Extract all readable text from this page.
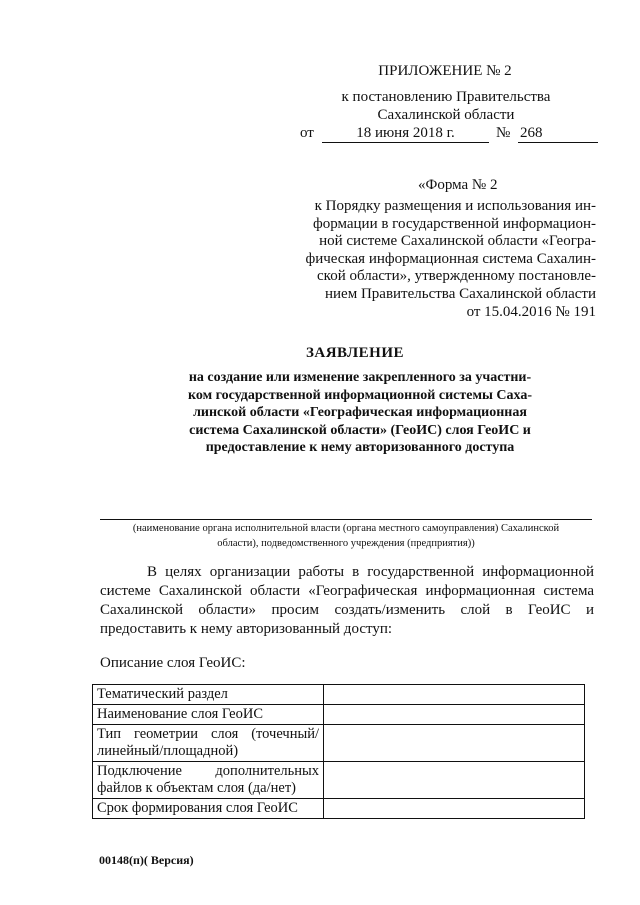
ПРИЛОЖЕНИЕ № 2
к постановлению Правительства
Сахалинской области
от	18 июня 2018 г.	№ 268
«Форма № 2
к Порядку размещения и использования ин-
формации в государственной информацион-
ной системе Сахалинской области «Геогра-
фическая информационная система Сахалин-
ской области», утвержденному постановле-
нием Правительства Сахалинской области
от 15.04.2016 № 191
ЗАЯВЛЕНИЕ
на создание или изменение закрепленного за участни-
ком государственной информационной системы Саха-
линской области «Географическая информационная
система Сахалинской области» (ГеоИС) слоя ГеоИС и
предоставление к нему авторизованного доступа
(наименование органа исполнительной власти (органа местного самоуправления) Сахалинской
области), подведомственного учреждения (предприятия))
В целях организации работы в государственной информационной системе Сахалинской области «Географическая информационная система Сахалинской области» просим создать/изменить слой в ГеоИС и предоставить к нему авторизованный доступ:
Описание слоя ГеоИС:
Тематический раздел	
Наименование слоя ГеоИС	
Тип геометрии слоя (точечный/ линейный/площадной)	
Подключение дополнительных файлов к объектам слоя (да/нет)	
Срок формирования слоя ГеоИС	
00148(п)( Версия)
